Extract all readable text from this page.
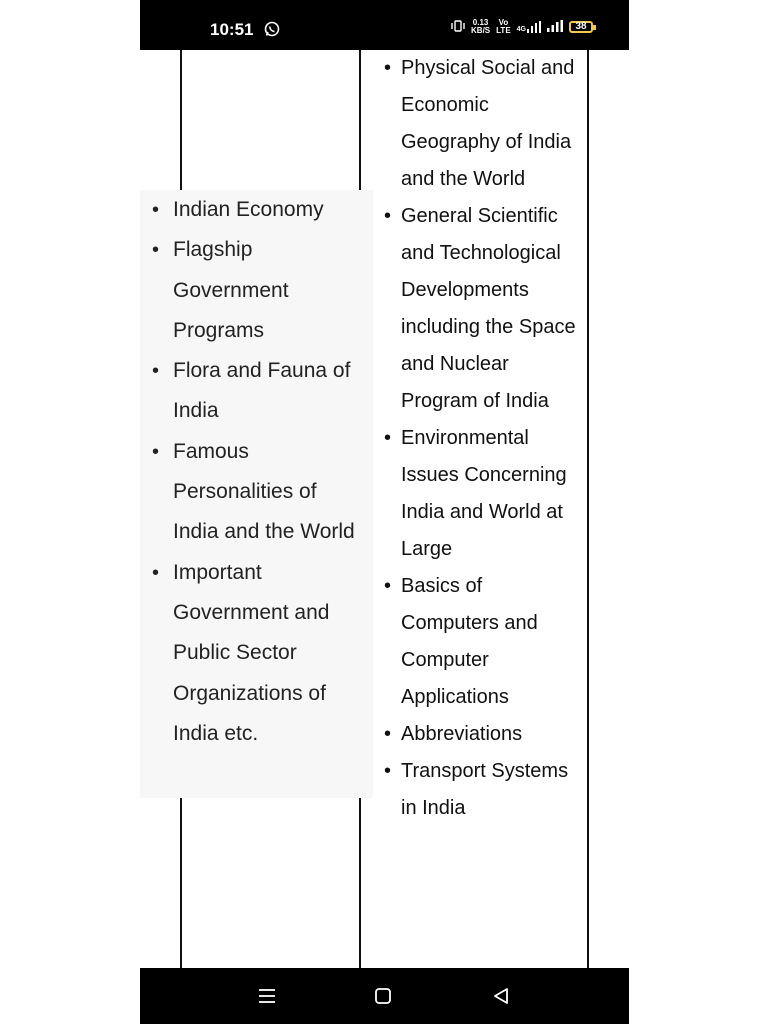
10:51	0.13
KB/S
Vo
LTE 4G	38
• Physical Social and Economic Geography of India and the World
• General Scientific and Technological Developments including the Space and Nuclear Program of India
• Environmental Issues Concerning India and World at Large
• Basics of Computers and Computer Applications
• Abbreviations
• Transport Systems in India
• Indian Economy
• Flagship Government Programs
• Flora and Fauna of India
• Famous Personalities of India and the World
• Important Government and Public Sector Organizations of India etc.
